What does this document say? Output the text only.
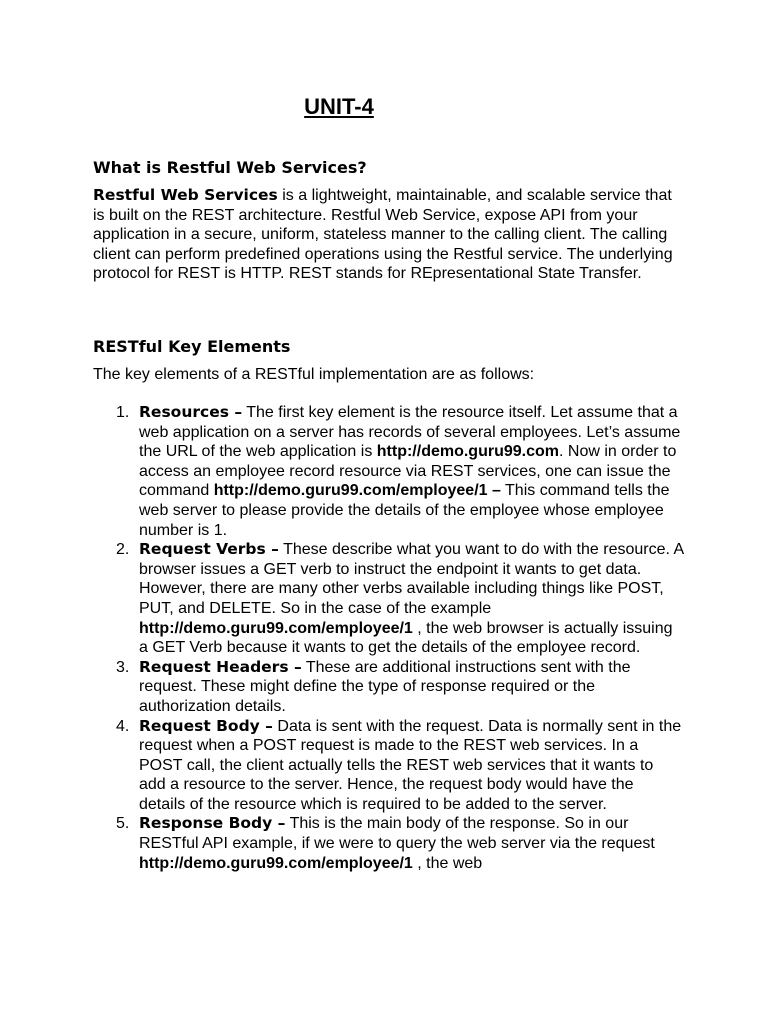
UNIT-4
What is Restful Web Services?

Restful Web Services is a lightweight, maintainable, and scalable service that is built on the REST architecture. Restful Web Service, expose API from your application in a secure, uniform, stateless manner to the calling client. The calling client can perform predefined operations using the Restful service. The underlying protocol for REST is HTTP. REST stands for REpresentational State Transfer.

RESTful Key Elements

The key elements of a RESTful implementation are as follows:

1. Resources – The first key element is the resource itself. Let assume that a web application on a server has records of several employees. Let’s assume the URL of the web application is http://demo.guru99.com. Now in order to access an employee record resource via REST services, one can issue the command http://demo.guru99.com/employee/1 – This command tells the web server to please provide the details of the employee whose employee number is 1.
2. Request Verbs – These describe what you want to do with the resource. A browser issues a GET verb to instruct the endpoint it wants to get data. However, there are many other verbs available including things like POST, PUT, and DELETE. So in the case of the example http://demo.guru99.com/employee/1 , the web browser is actually issuing a GET Verb because it wants to get the details of the employee record.
3. Request Headers – These are additional instructions sent with the request. These might define the type of response required or the authorization details.
4. Request Body – Data is sent with the request. Data is normally sent in the request when a POST request is made to the REST web services. In a POST call, the client actually tells the REST web services that it wants to add a resource to the server. Hence, the request body would have the details of the resource which is required to be added to the server.
5. Response Body – This is the main body of the response. So in our RESTful API example, if we were to query the web server via the request http://demo.guru99.com/employee/1 , the web
